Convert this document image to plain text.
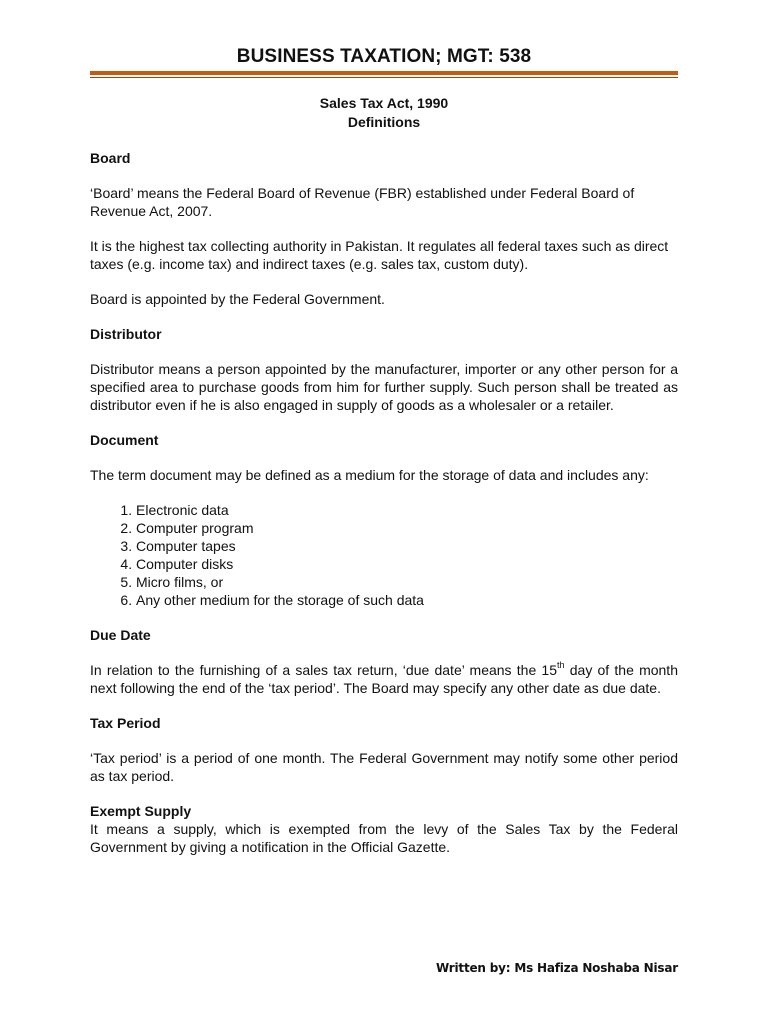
BUSINESS TAXATION; MGT: 538
Sales Tax Act, 1990
Definitions

Board

‘Board’ means the Federal Board of Revenue (FBR) established under Federal Board of Revenue Act, 2007.

It is the highest tax collecting authority in Pakistan. It regulates all federal taxes such as direct taxes (e.g. income tax) and indirect taxes (e.g. sales tax, custom duty).

Board is appointed by the Federal Government.

Distributor

Distributor means a person appointed by the manufacturer, importer or any other person for a specified area to purchase goods from him for further supply. Such person shall be treated as distributor even if he is also engaged in supply of goods as a wholesaler or a retailer.

Document

The term document may be defined as a medium for the storage of data and includes any:

1. Electronic data
2. Computer program
3. Computer tapes
4. Computer disks
5. Micro films, or
6. Any other medium for the storage of such data

Due Date

In relation to the furnishing of a sales tax return, ‘due date’ means the 15th day of the month next following the end of the ‘tax period’. The Board may specify any other date as due date.

Tax Period

‘Tax period’ is a period of one month. The Federal Government may notify some other period as tax period.

Exempt Supply

It means a supply, which is exempted from the levy of the Sales Tax by the Federal Government by giving a notification in the Official Gazette.

Written by: Ms Hafiza Noshaba Nisar
